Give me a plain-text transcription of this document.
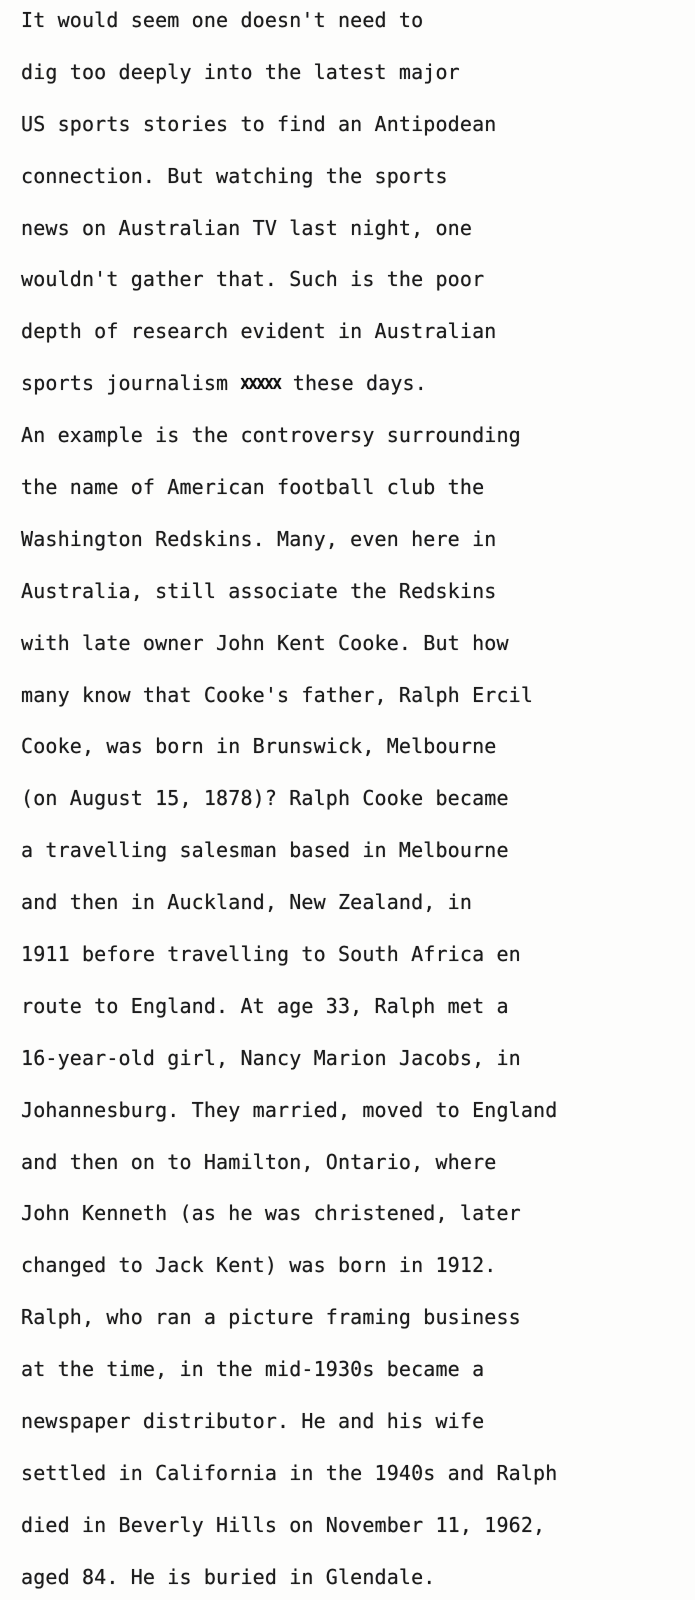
It would seem one doesn't need to
dig too deeply into the latest major
US sports stories to find an Antipodean
connection. But watching the sports
news on Australian TV last night, one
wouldn't gather that. Such is the poor
depth of research evident in Australian
sports journalism XXXXX these days.
An example is the controversy surrounding
the name of American football club the
Washington Redskins. Many, even here in
Australia, still associate the Redskins
with late owner John Kent Cooke. But how
many know that Cooke's father, Ralph Ercil
Cooke, was born in Brunswick, Melbourne
(on August 15, 1878)? Ralph Cooke became
a travelling salesman based in Melbourne
and then in Auckland, New Zealand, in
1911 before travelling to South Africa en
route to England. At age 33, Ralph met a
16-year-old girl, Nancy Marion Jacobs, in
Johannesburg. They married, moved to England
and then on to Hamilton, Ontario, where
John Kenneth (as he was christened, later
changed to Jack Kent) was born in 1912.
Ralph, who ran a picture framing business
at the time, in the mid-1930s became a
newspaper distributor. He and his wife
settled in California in the 1940s and Ralph
died in Beverly Hills on November 11, 1962,
aged 84. He is buried in Glendale.
